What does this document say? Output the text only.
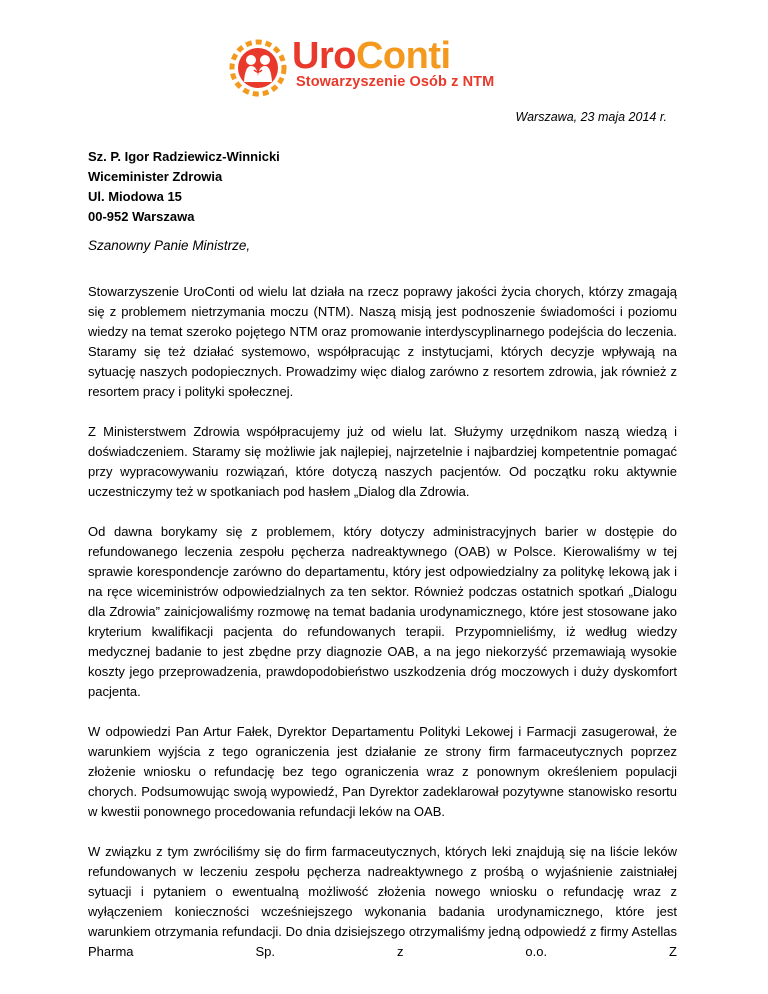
UroConti
Stowarzyszenie Osób z NTM
Warszawa, 23 maja 2014 r.
Sz. P. Igor Radziewicz-Winnicki
Wiceminister Zdrowia
Ul. Miodowa 15
00-952 Warszawa
Szanowny Panie Ministrze,

Stowarzyszenie UroConti od wielu lat działa na rzecz poprawy jakości życia chorych, którzy zmagają się z problemem nietrzymania moczu (NTM). Naszą misją jest podnoszenie świadomości i poziomu wiedzy na temat szeroko pojętego NTM oraz promowanie interdyscyplinarnego podejścia do leczenia. Staramy się też działać systemowo, współpracując z instytucjami, których decyzje wpływają na sytuację naszych podopiecznych. Prowadzimy więc dialog zarówno z resortem zdrowia, jak również z resortem pracy i polityki społecznej.

Z Ministerstwem Zdrowia współpracujemy już od wielu lat. Służymy urzędnikom naszą wiedzą i doświadczeniem. Staramy się możliwie jak najlepiej, najrzetelnie i najbardziej kompetentnie pomagać przy wypracowywaniu rozwiązań, które dotyczą naszych pacjentów. Od początku roku aktywnie uczestniczymy też w spotkaniach pod hasłem „Dialog dla Zdrowia.

Od dawna borykamy się z problemem, który dotyczy administracyjnych barier w dostępie do refundowanego leczenia zespołu pęcherza nadreaktywnego (OAB) w Polsce. Kierowaliśmy w tej sprawie korespondencje zarówno do departamentu, który jest odpowiedzialny za politykę lekową jak i na ręce wiceministrów odpowiedzialnych za ten sektor. Również podczas ostatnich spotkań „Dialogu dla Zdrowia” zainicjowaliśmy rozmowę na temat badania urodynamicznego, które jest stosowane jako kryterium kwalifikacji pacjenta do refundowanych terapii. Przypomnieliśmy, iż według wiedzy medycznej badanie to jest zbędne przy diagnozie OAB, a na jego niekorzyść przemawiają wysokie koszty jego przeprowadzenia, prawdopodobieństwo uszkodzenia dróg moczowych i duży dyskomfort pacjenta.

W odpowiedzi Pan Artur Fałek, Dyrektor Departamentu Polityki Lekowej i Farmacji zasugerował, że warunkiem wyjścia z tego ograniczenia jest działanie ze strony firm farmaceutycznych poprzez złożenie wniosku o refundację bez tego ograniczenia wraz z ponownym określeniem populacji chorych. Podsumowując swoją wypowiedź, Pan Dyrektor zadeklarował pozytywne stanowisko resortu w kwestii ponownego procedowania refundacji leków na OAB.

W związku z tym zwróciliśmy się do firm farmaceutycznych, których leki znajdują się na liście leków refundowanych w leczeniu zespołu pęcherza nadreaktywnego z prośbą o wyjaśnienie zaistniałej sytuacji i pytaniem o ewentualną możliwość złożenia nowego wniosku o refundację wraz z wyłączeniem konieczności wcześniejszego wykonania badania urodynamicznego, które jest warunkiem otrzymania refundacji. Do dnia dzisiejszego otrzymaliśmy jedną odpowiedź z firmy Astellas Pharma Sp. z o.o. Z
